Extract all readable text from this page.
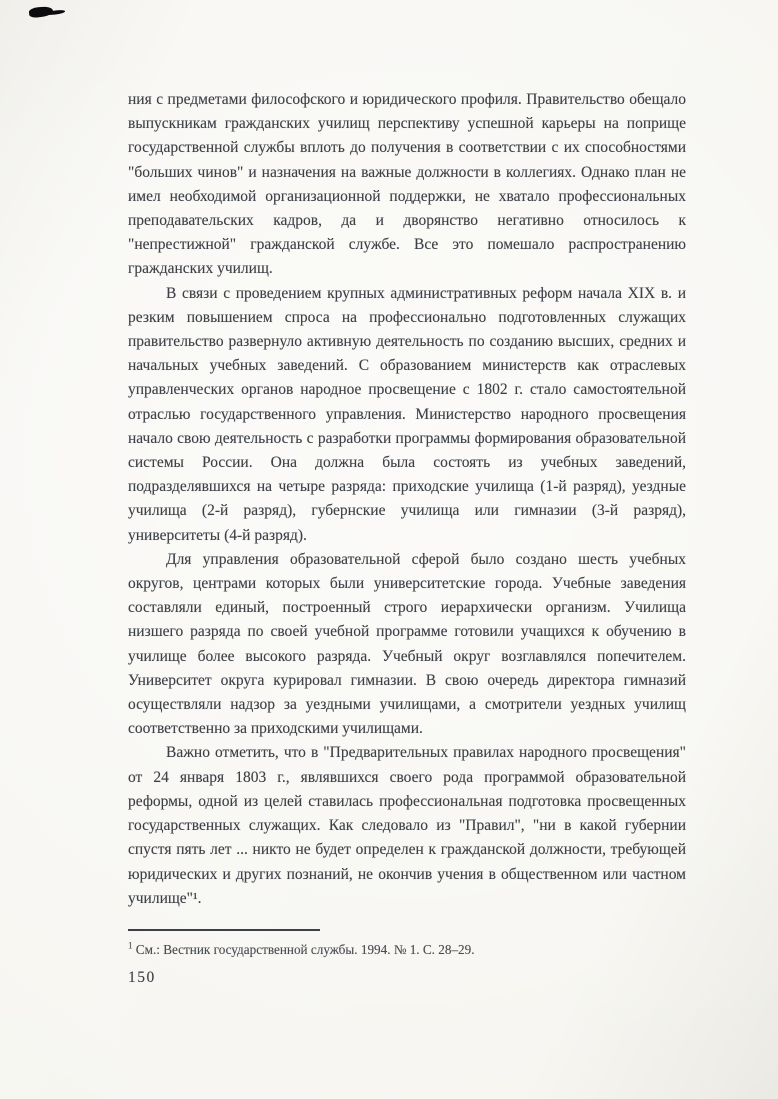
ния с предметами философского и юридического профиля. Правительство обещало выпускникам гражданских училищ перспективу успешной карьеры на поприще государственной службы вплоть до получения в соответствии с их способностями "больших чинов" и назначения на важные должности в коллегиях. Однако план не имел необходимой организационной поддержки, не хватало профессиональных преподавательских кадров, да и дворянство негативно относилось к "непрестижной" гражданской службе. Все это помешало распространению гражданских училищ.

В связи с проведением крупных административных реформ начала XIX в. и резким повышением спроса на профессионально подготовленных служащих правительство развернуло активную деятельность по созданию высших, средних и начальных учебных заведений. С образованием министерств как отраслевых управленческих органов народное просвещение с 1802 г. стало самостоятельной отраслью государственного управления. Министерство народного просвещения начало свою деятельность с разработки программы формирования образовательной системы России. Она должна была состоять из учебных заведений, подразделявшихся на четыре разряда: приходские училища (1-й разряд), уездные училища (2-й разряд), губернские училища или гимназии (3-й разряд), университеты (4-й разряд).

Для управления образовательной сферой было создано шесть учебных округов, центрами которых были университетские города. Учебные заведения составляли единый, построенный строго иерархически организм. Училища низшего разряда по своей учебной программе готовили учащихся к обучению в училище более высокого разряда. Учебный округ возглавлялся попечителем. Университет округа курировал гимназии. В свою очередь директора гимназий осуществляли надзор за уездными училищами, а смотрители уездных училищ соответственно за приходскими училищами.

Важно отметить, что в "Предварительных правилах народного просвещения" от 24 января 1803 г., являвшихся своего рода программой образовательной реформы, одной из целей ставилась профессиональная подготовка просвещенных государственных служащих. Как следовало из "Правил", "ни в какой губернии спустя пять лет ... никто не будет определен к гражданской должности, требующей юридических и других познаний, не окончив учения в общественном или частном училище"¹.

$^1$ См.: Вестник государственной службы. 1994. № 1. С. 28–29.
150
